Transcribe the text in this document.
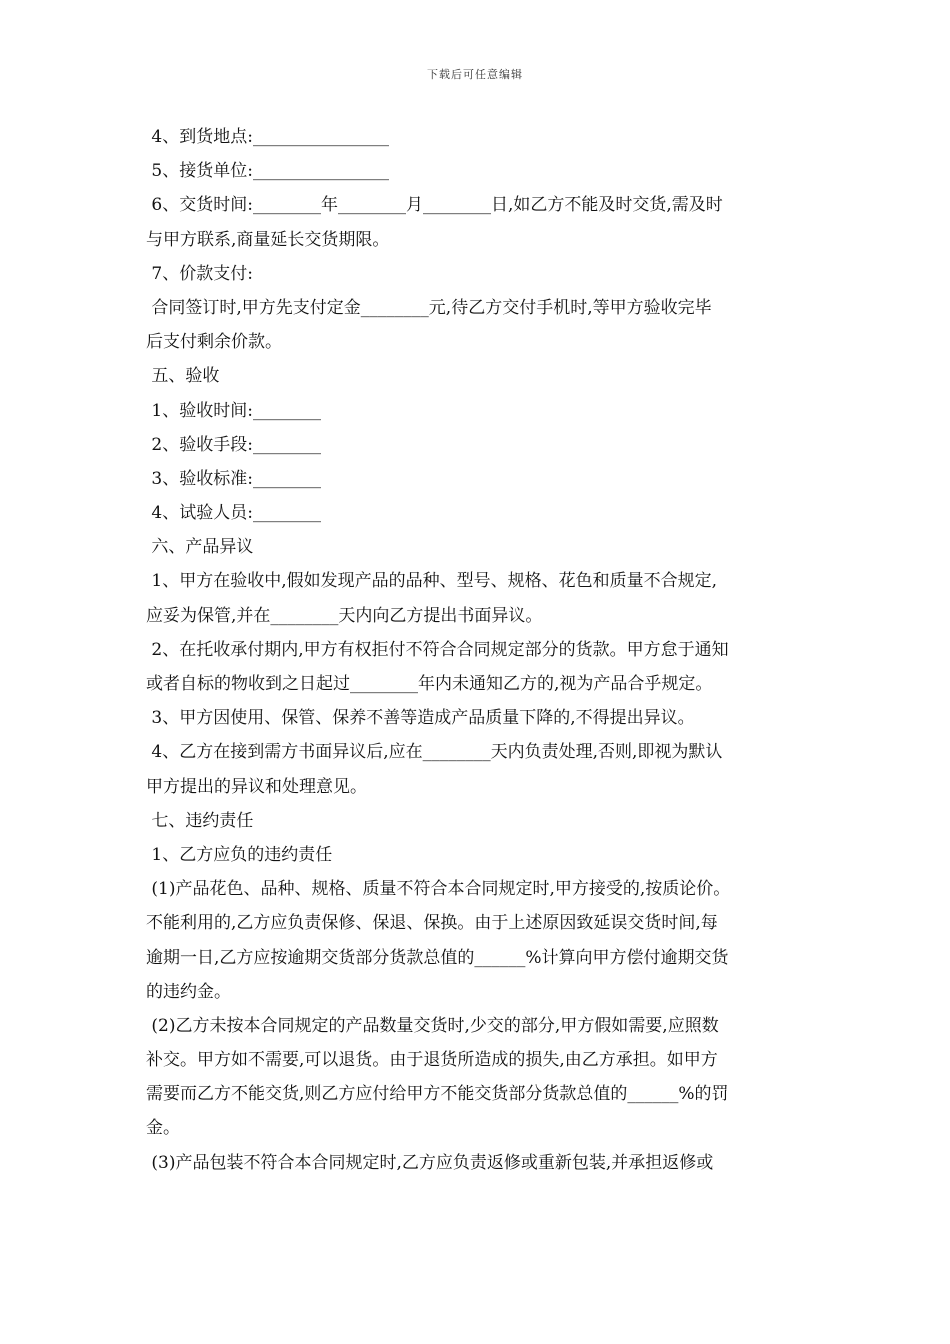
下载后可任意编辑
4、到货地点:________________
5、接货单位:________________
6、交货时间:________年________月________日,如乙方不能及时交货,需及时
与甲方联系,商量延长交货期限。
7、价款支付:
合同签订时,甲方先支付定金________元,待乙方交付手机时,等甲方验收完毕
后支付剩余价款。
五、验收
1、验收时间:________
2、验收手段:________
3、验收标准:________
4、试验人员:________
六、产品异议
1、甲方在验收中,假如发现产品的品种、型号、规格、花色和质量不合规定,
应妥为保管,并在________天内向乙方提出书面异议。
2、在托收承付期内,甲方有权拒付不符合合同规定部分的货款。甲方怠于通知
或者自标的物收到之日起过________年内未通知乙方的,视为产品合乎规定。
3、甲方因使用、保管、保养不善等造成产品质量下降的,不得提出异议。
4、乙方在接到需方书面异议后,应在________天内负责处理,否则,即视为默认
甲方提出的异议和处理意见。
七、违约责任
1、乙方应负的违约责任
(1)产品花色、品种、规格、质量不符合本合同规定时,甲方接受的,按质论价。
不能利用的,乙方应负责保修、保退、保换。由于上述原因致延误交货时间,每
逾期一日,乙方应按逾期交货部分货款总值的______%计算向甲方偿付逾期交货
的违约金。
(2)乙方未按本合同规定的产品数量交货时,少交的部分,甲方假如需要,应照数
补交。甲方如不需要,可以退货。由于退货所造成的损失,由乙方承担。如甲方
需要而乙方不能交货,则乙方应付给甲方不能交货部分货款总值的______%的罚
金。
(3)产品包装不符合本合同规定时,乙方应负责返修或重新包装,并承担返修或
